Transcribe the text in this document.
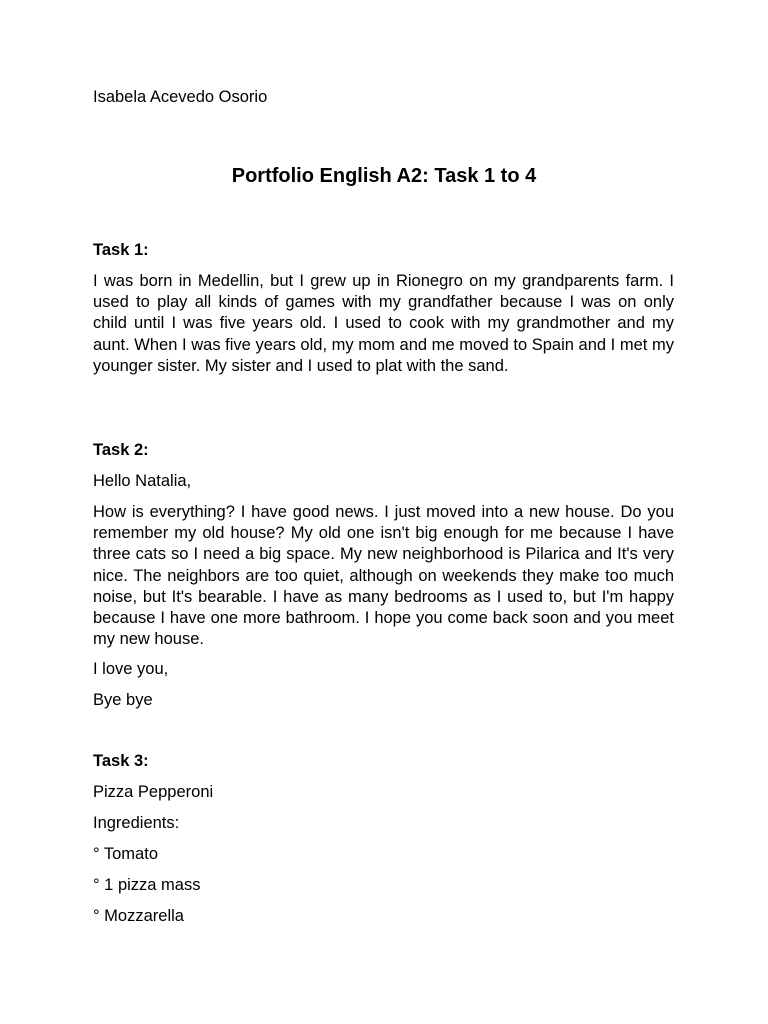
Isabela Acevedo Osorio
Portfolio English A2: Task 1 to 4
Task 1:
I was born in Medellin, but I grew up in Rionegro on my grandparents farm. I used to play all kinds of games with my grandfather because I was on only child until I was five years old. I used to cook with my grandmother and my aunt. When I was five years old, my mom and me moved to Spain and I met my younger sister. My sister and I used to plat with the sand.
Task 2:
Hello Natalia,
How is everything? I have good news. I just moved into a new house. Do you remember my old house? My old one isn't big enough for me because I have three cats so I need a big space. My new neighborhood is Pilarica and It's very nice. The neighbors are too quiet, although on weekends they make too much noise, but It's bearable. I have as many bedrooms as I used to, but I'm happy because I have one more bathroom. I hope you come back soon and you meet my new house.
I love you,
Bye bye
Task 3:
Pizza Pepperoni
Ingredients:
° Tomato
° 1 pizza mass
° Mozzarella
